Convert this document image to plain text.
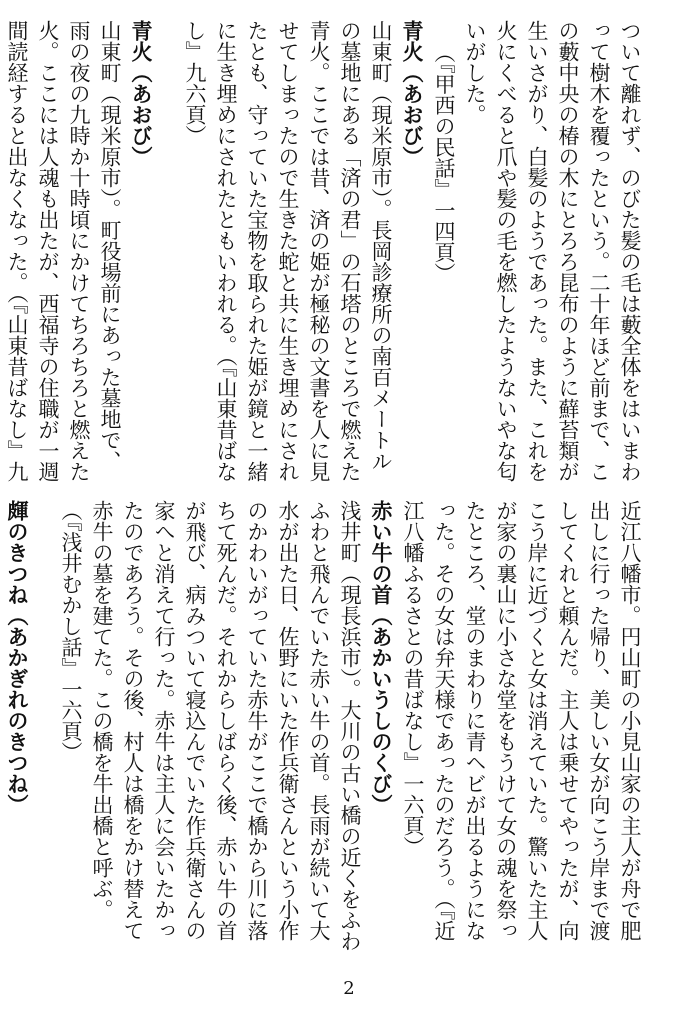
ついて離れず、のびた髪の毛は藪全体をはいまわって樹木を覆ったという。二十年ほど前まで、この藪中央の椿の木にとろろ昆布のように蘚苔類が生いさがり、白髪のようであった。また、これを火にくべると爪や髪の毛を燃したようないやな匂いがした。
（『甲西の民話』一四頁）
青火（あおび）
山東町（現米原市）。長岡診療所の南百メートルの墓地にある「済の君」の石塔のところで燃えた青火。ここでは昔、済の姫が極秘の文書を人に見せてしまったので生きた蛇と共に生き埋めにされたとも、守っていた宝物を取られた姫が鏡と一緒に生き埋めにされたともいわれる。（『山東昔ばなし』九六頁）
青火（あおび）
山東町（現米原市）。町役場前にあった墓地で、雨の夜の九時か十時頃にかけてちろちろと燃えた火。ここには人魂も出たが、西福寺の住職が一週間読経すると出なくなった。（『山東昔ばなし』九
近江八幡市。円山町の小見山家の主人が舟で肥出しに行った帰り、美しい女が向こう岸まで渡してくれと頼んだ。主人は乗せてやったが、向こう岸に近づくと女は消えていた。驚いた主人が家の裏山に小さな堂をもうけて女の魂を祭ったところ、堂のまわりに青ヘビが出るようになった。その女は弁天様であったのだろう。（『近江八幡ふるさとの昔ばなし』一六頁）
赤い牛の首（あかいうしのくび）
浅井町（現長浜市）。大川の古い橋の近くをふわふわと飛んでいた赤い牛の首。長雨が続いて大水が出た日、佐野にいた作兵衛さんという小作のかわいがっていた赤牛がここで橋から川に落ちて死んだ。それからしばらく後、赤い牛の首が飛び、病みついて寝込んでいた作兵衛さんの家へと消えて行った。赤牛は主人に会いたかったのであろう。その後、村人は橋をかけ替えて赤牛の墓を建てた。この橋を牛出橋と呼ぶ。（『浅井むかし話』一六頁）
皹のきつね（あかぎれのきつね）

2
